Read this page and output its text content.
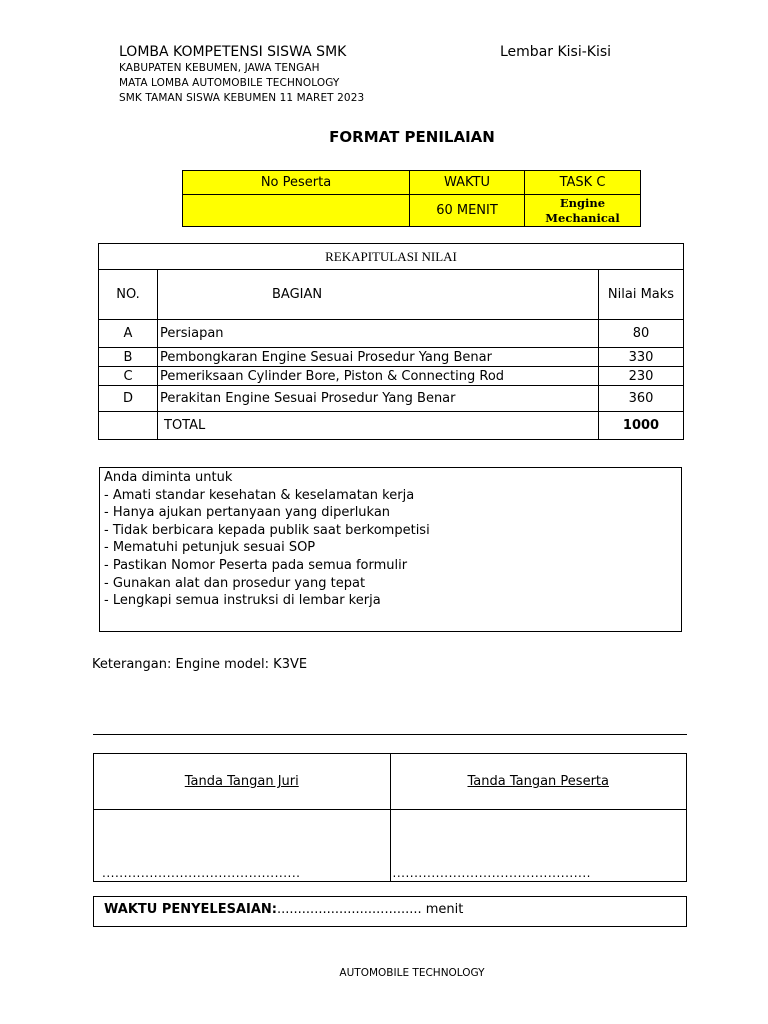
LOMBA KOMPETENSI SISWA SMK	Lembar Kisi-Kisi
KABUPATEN KEBUMEN, JAWA TENGAH
MATA LOMBA AUTOMOBILE TECHNOLOGY
SMK TAMAN SISWA KEBUMEN 11 MARET 2023
FORMAT PENILAIAN
No Peserta	WAKTU	TASK C
	60 MENIT	Engine Mechanical
REKAPITULASI NILAI		
NO.	BAGIAN	Nilai Maks
A	Persiapan	80
B	Pembongkaran Engine Sesuai Prosedur Yang Benar	330
C	Pemeriksaan Cylinder Bore, Piston & Connecting Rod	230
D	Perakitan Engine Sesuai Prosedur Yang Benar	360
	TOTAL	1000
Anda diminta untuk
- Amati standar kesehatan & keselamatan kerja
- Hanya ajukan pertanyaan yang diperlukan
- Tidak berbicara kepada publik saat berkompetisi
- Mematuhi petunjuk sesuai SOP
- Pastikan Nomor Peserta pada semua formulir
- Gunakan alat dan prosedur yang tepat
- Lengkapi semua instruksi di lembar kerja
Keterangan: Engine model: K3VE
Tanda Tangan Juri	Tanda Tangan Peserta
..............................................	..............................................
WAKTU PENYELESAIAN:................................... menit
AUTOMOBILE TECHNOLOGY
